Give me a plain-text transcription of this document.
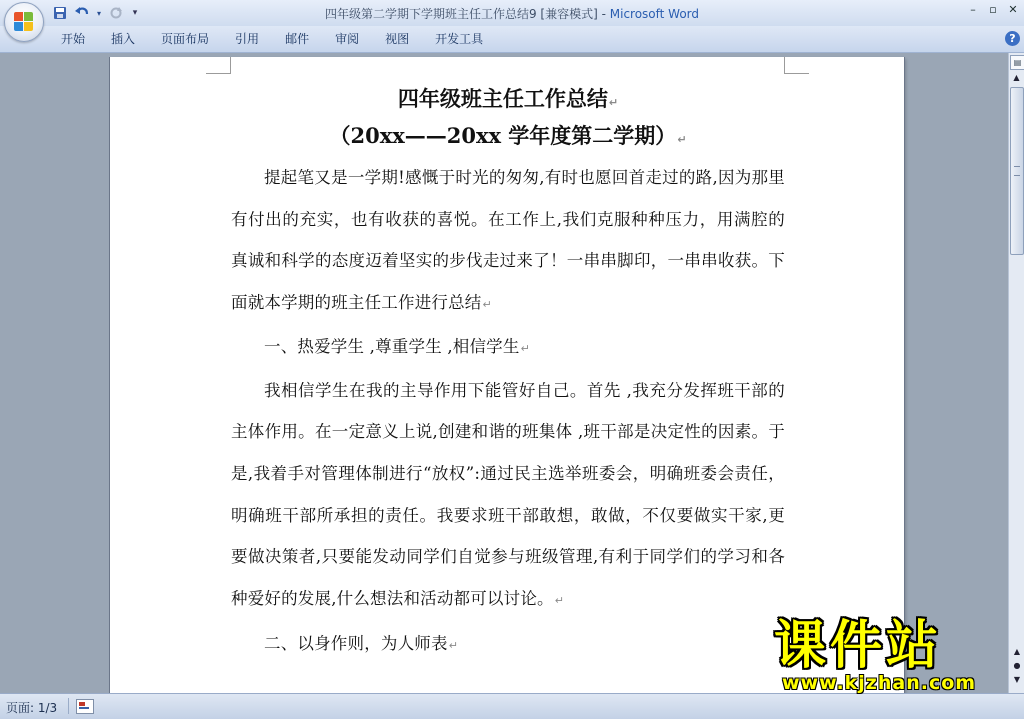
▾	▾	四年级第二学期下学期班主任工作总结9 [兼容模式] - Microsoft Word	–	▫ ✕
开始	插入	页面布局	引用	邮件	审阅	视图	开发工具	?
四年级班主任工作总结↵
（20xx——20xx 学年度第二学期）↵

提起笔又是一学期!感慨于时光的匆匆,有时也愿回首走过的路,因为那里有付出的充实，也有收获的喜悦。在工作上,我们克服种种压力，用满腔的真诚和科学的态度迈着坚实的步伐走过来了！一串串脚印，一串串收获。下面就本学期的班主任工作进行总结↵

一、热爱学生 ,尊重学生 ,相信学生↵

我相信学生在我的主导作用下能管好自己。首先 ,我充分发挥班干部的主体作用。在一定意义上说,创建和谐的班集体 ,班干部是决定性的因素。于是,我着手对管理体制进行“放权”:通过民主选举班委会，明确班委会责任，明确班干部所承担的责任。我要求班干部敢想，敢做，不仅要做实干家,更要做决策者,只要能发动同学们自觉参与班级管理,有利于同学们的学习和各种爱好的发展,什么想法和活动都可以讨论。↵

二、以身作则，为人师表↵

▤
▲
▲
●
▼
页面: 1/3
课件站
www.kjzhan.com
